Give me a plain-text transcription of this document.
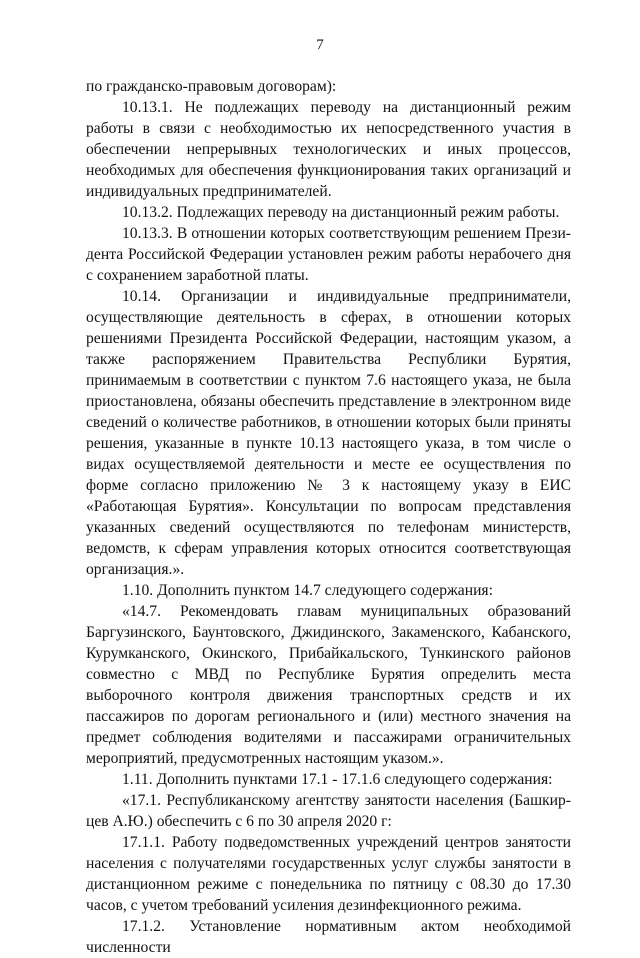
7

по гражданско-правовым договорам):

10.13.1. Не подлежащих переводу на дистанционный режим работы в связи с необходимостью их непосредственного участия в обеспечении непрерывных технологических и иных процессов, необходимых для обеспечения функционирования таких организаций и индивидуальных предпринимателей.

10.13.2. Подлежащих переводу на дистанционный режим работы.

10.13.3. В отношении которых соответствующим решением Президента Российской Федерации установлен режим работы нерабочего дня с сохранением заработной платы.

10.14. Организации и индивидуальные предприниматели, осуществляющие деятельность в сферах, в отношении которых решениями Президента Российской Федерации, настоящим указом, а также распоряжением Правительства Республики Бурятия, принимаемым в соответствии с пунктом 7.6 настоящего указа, не была приостановлена, обязаны обеспечить представление в электронном виде сведений о количестве работников, в отношении которых были приняты решения, указанные в пункте 10.13 настоящего указа, в том числе о видах осуществляемой деятельности и месте ее осуществления по форме согласно приложению № 3 к настоящему указу в ЕИС «Работающая Бурятия». Консультации по вопросам представления указанных сведений осуществляются по телефонам министерств, ведомств, к сферам управления которых относится соответствующая организация.».

1.10. Дополнить пунктом 14.7 следующего содержания:

«14.7. Рекомендовать главам муниципальных образований Баргузинского, Баунтовского, Джидинского, Закаменского, Кабанского, Курумканского, Окинского, Прибайкальского, Тункинского районов совместно с МВД по Республике Бурятия определить места выборочного контроля движения транспортных средств и их пассажиров по дорогам регионального и (или) местного значения на предмет соблюдения водителями и пассажирами ограничительных мероприятий, предусмотренных настоящим указом.».

1.11. Дополнить пунктами 17.1 - 17.1.6 следующего содержания:

«17.1. Республиканскому агентству занятости населения (Башкирцев А.Ю.) обеспечить с 6 по 30 апреля 2020 г:

17.1.1. Работу подведомственных учреждений центров занятости населения с получателями государственных услуг службы занятости в дистанционном режиме с понедельника по пятницу с 08.30 до 17.30 часов, с учетом требований усиления дезинфекционного режима.

17.1.2. Установление нормативным актом необходимой численности
